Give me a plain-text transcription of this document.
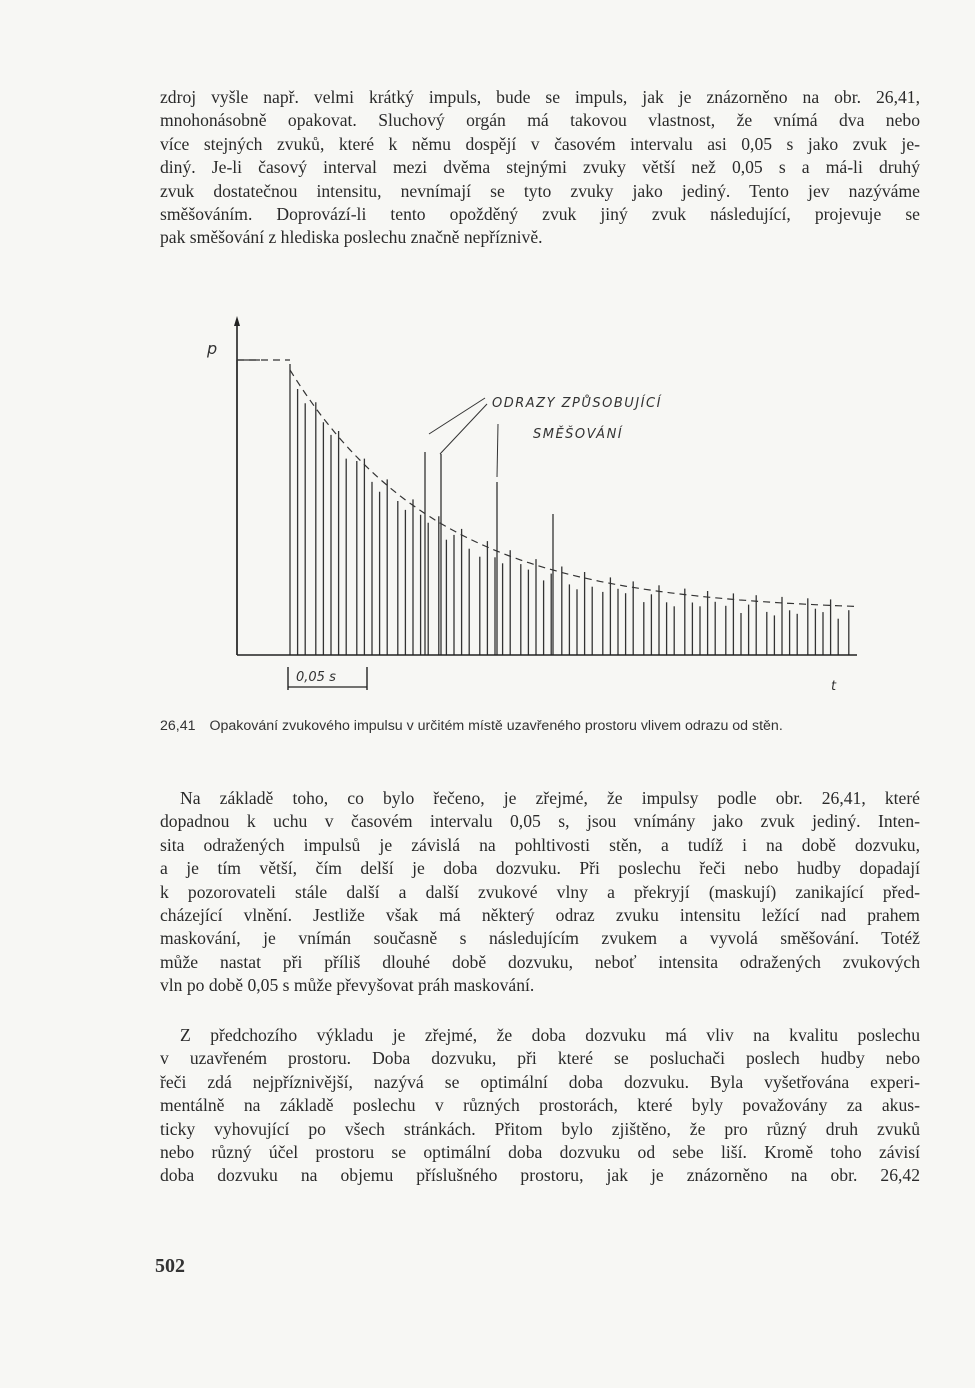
zdroj vyšle např. velmi krátký impuls, bude se impuls, jak je znázorněno na obr. 26,41,
mnohonásobně opakovat. Sluchový orgán má takovou vlastnost, že vnímá dva nebo
více stejných zvuků, které k němu dospějí v časovém intervalu asi 0,05 s jako zvuk je-
diný. Je-li časový interval mezi dvěma stejnými zvuky větší než 0,05 s a má-li druhý
zvuk dostatečnou intensitu, nevnímají se tyto zvuky jako jediný. Tento jev nazýváme
směšováním. Doprovází-li tento opožděný zvuk jiný zvuk následující, projevuje se
pak směšování z hlediska poslechu značně nepříznivě.
0,05 s
p
t
ODRAZY ZPŮSOBUJÍCÍ
SMĚŠOVÁNÍ
26,41 Opakování zvukového impulsu v určitém místě uzavřeného prostoru vlivem odrazu od stěn.
Na základě toho, co bylo řečeno, je zřejmé, že impulsy podle obr. 26,41, které
dopadnou k uchu v časovém intervalu 0,05 s, jsou vnímány jako zvuk jediný. Inten-
sita odražených impulsů je závislá na pohltivosti stěn, a tudíž i na době dozvuku,
a je tím větší, čím delší je doba dozvuku. Při poslechu řeči nebo hudby dopadají
k pozorovateli stále další a další zvukové vlny a překryjí (maskují) zanikající před-
cházející vlnění. Jestliže však má některý odraz zvuku intensitu ležící nad prahem
maskování, je vnímán současně s následujícím zvukem a vyvolá směšování. Totéž
může nastat při příliš dlouhé době dozvuku, neboť intensita odražených zvukových
vln po době 0,05 s může převyšovat práh maskování.
Z předchozího výkladu je zřejmé, že doba dozvuku má vliv na kvalitu poslechu
v uzavřeném prostoru. Doba dozvuku, při které se posluchači poslech hudby nebo
řeči zdá nejpříznivější, nazývá se optimální doba dozvuku. Byla vyšetřována experi-
mentálně na základě poslechu v různých prostorách, které byly považovány za akus-
ticky vyhovující po všech stránkách. Přitom bylo zjištěno, že pro různý druh zvuků
nebo různý účel prostoru se optimální doba dozvuku od sebe liší. Kromě toho závisí
doba dozvuku na objemu příslušného prostoru, jak je znázorněno na obr. 26,42
502
